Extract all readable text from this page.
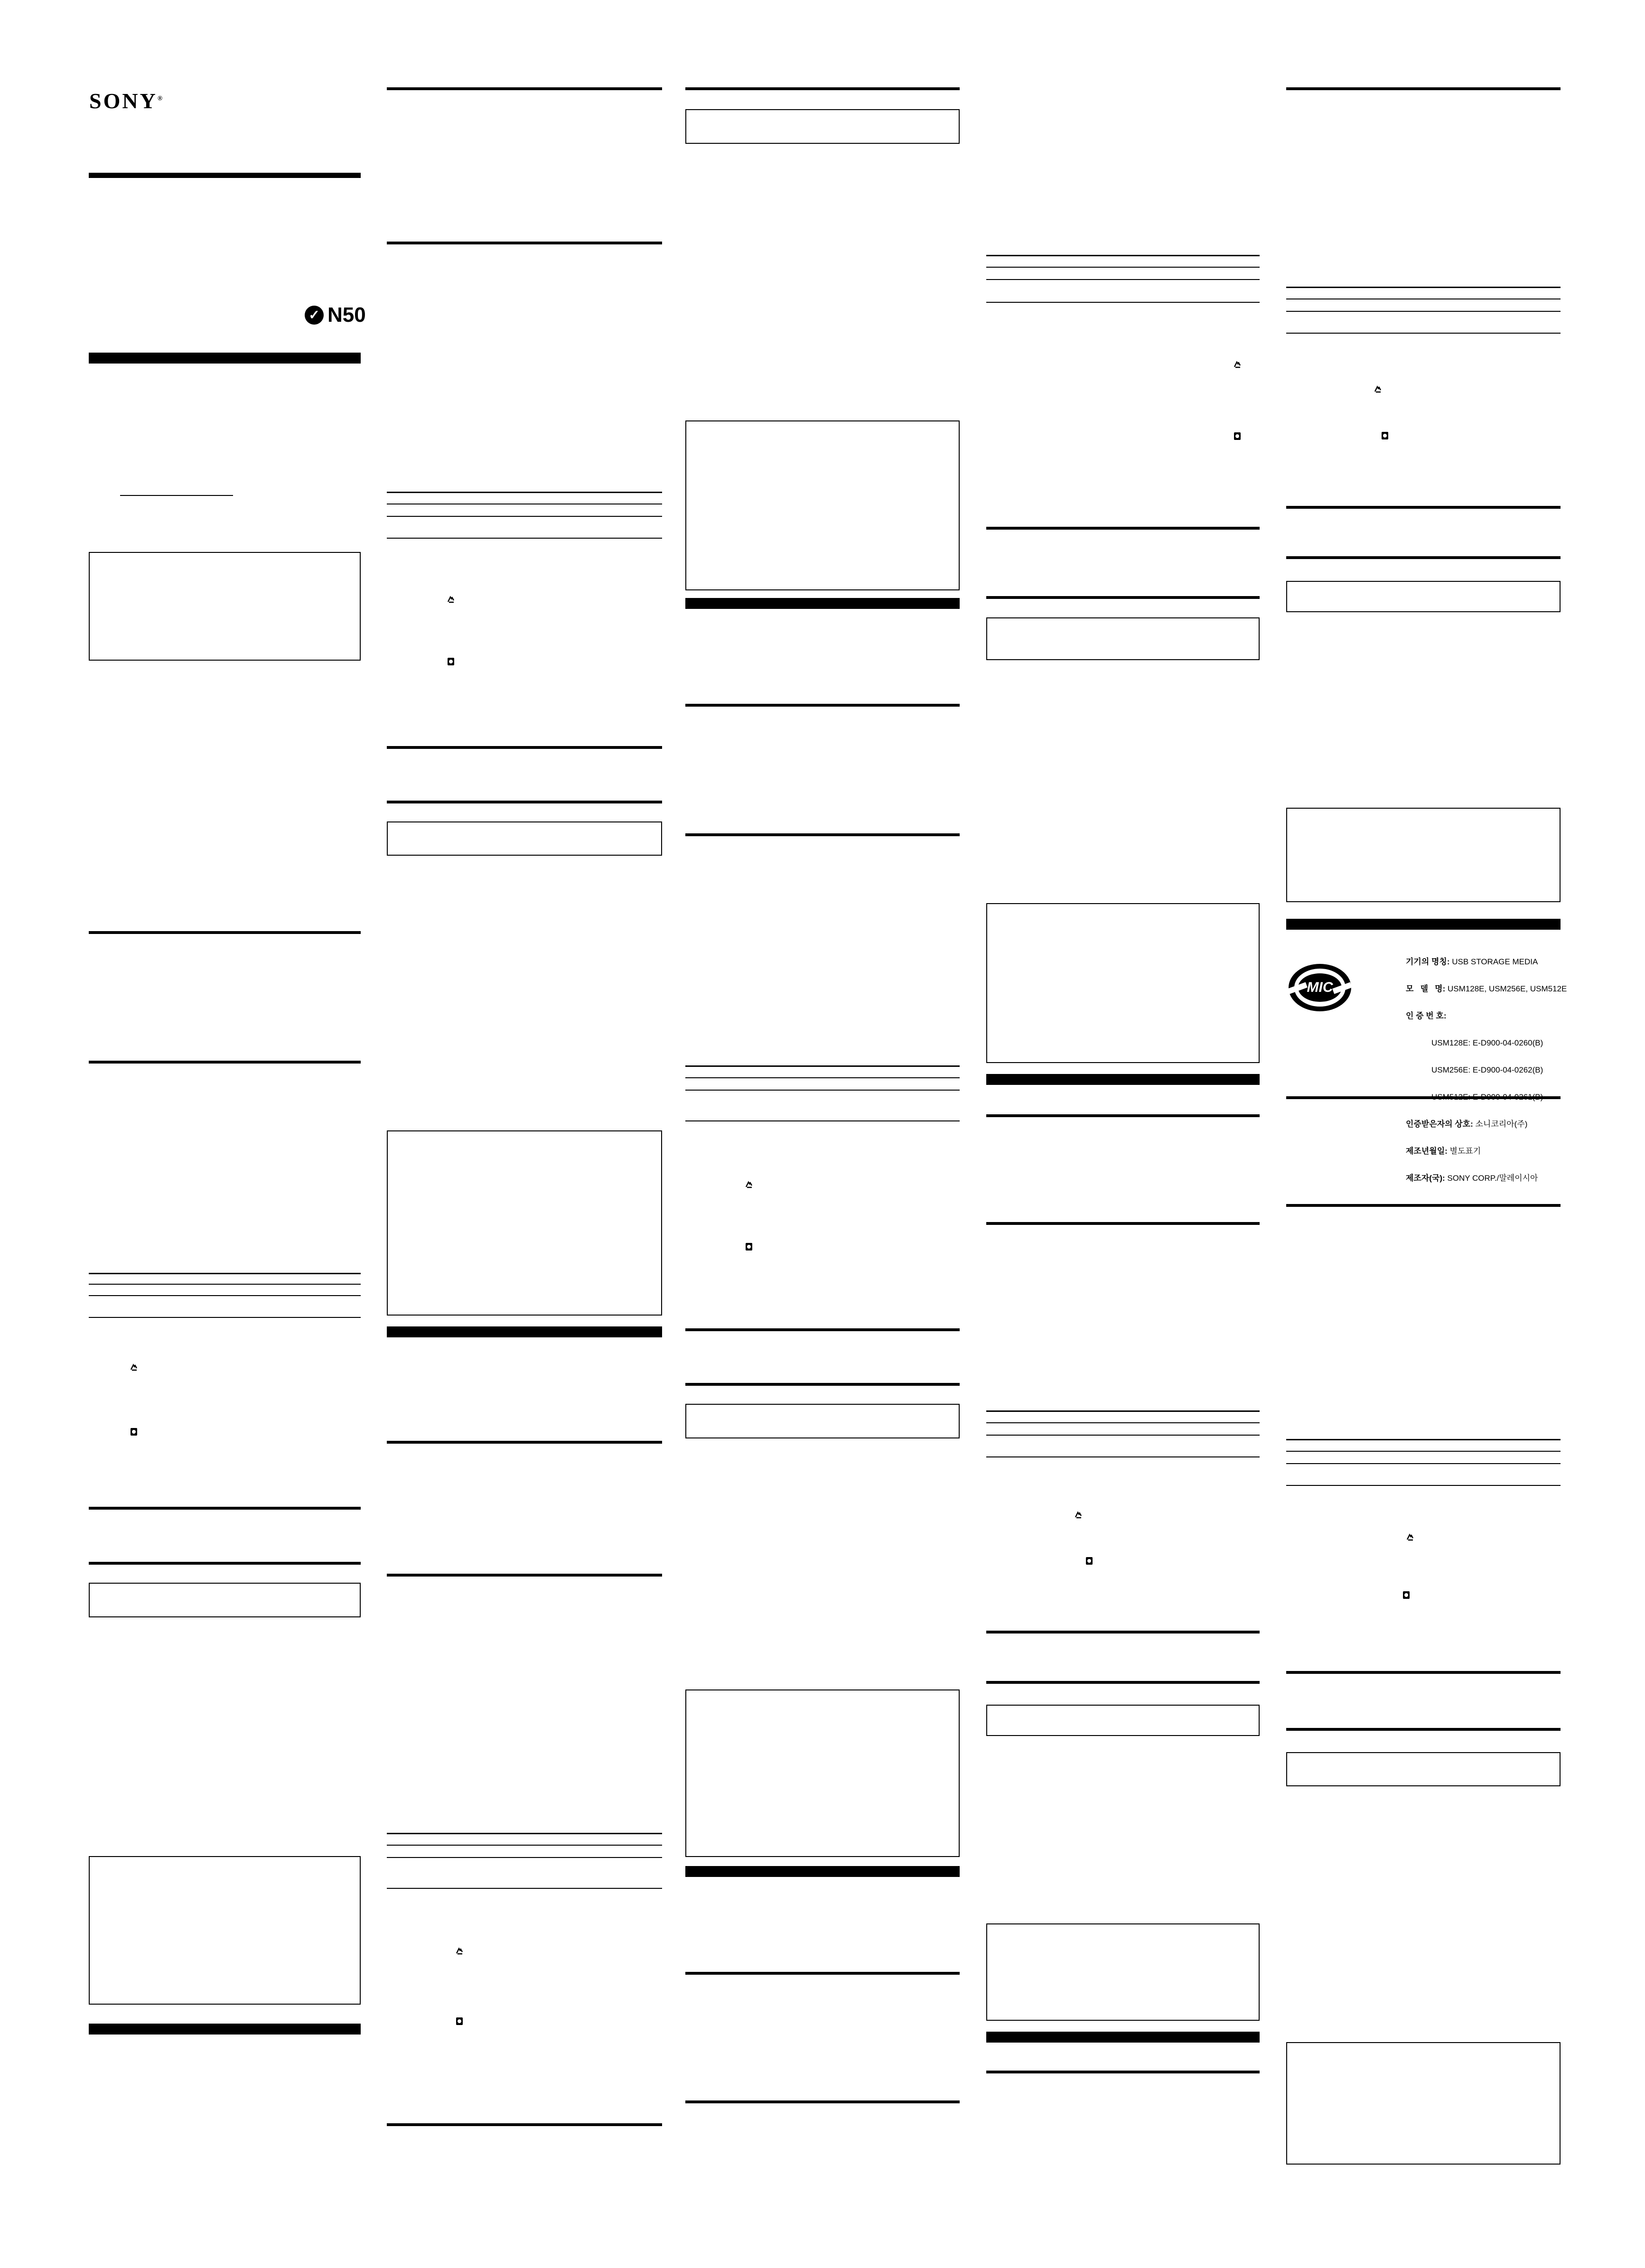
SONY®
✓ N50
MIC

기기의 명칭: USB STORAGE MEDIA

모   델   명: USM128E, USM256E, USM512E

인 증 번 호:

USM128E: E-D900-04-0260(B)

USM256E: E-D900-04-0262(B)

인증받은자의 상호: 소니코리아(주)

제조년월일: 별도표기

제조자(국): SONY CORP./말레이시아
